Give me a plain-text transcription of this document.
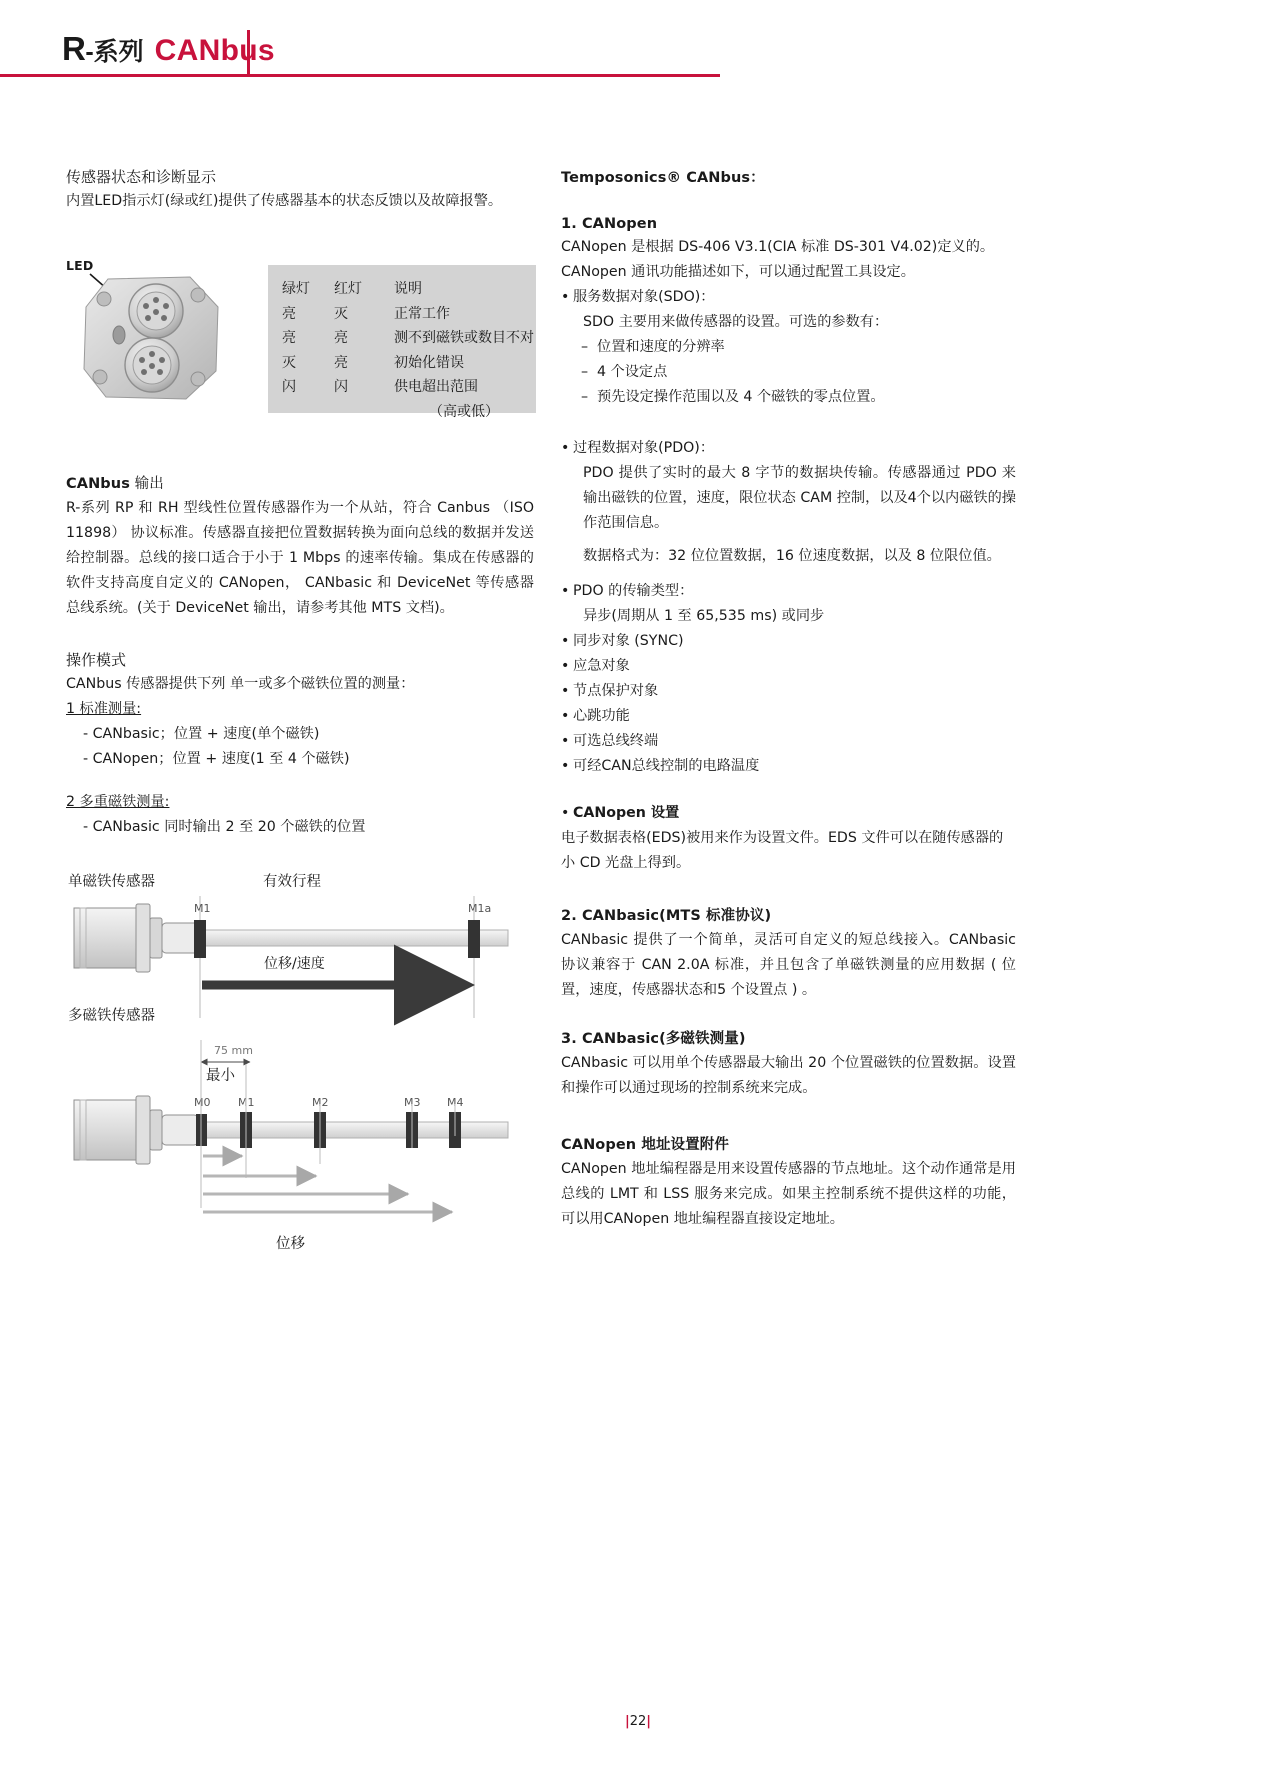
R -系列 CANbus
传感器状态和诊断显示

内置LED指示灯(绿或红)提供了传感器基本的状态反馈以及故障报警。

CANbus 输出

R-系列 RP 和 RH 型线性位置传感器作为一个从站，符合 Canbus （ISO 11898） 协议标准。传感器直接把位置数据转换为面向总线的数据并发送给控制器。总线的接口适合于小于 1 Mbps 的速率传输。集成在传感器的软件支持高度自定义的 CANopen， CANbasic 和 DeviceNet 等传感器总线系统。(关于 DeviceNet 输出，请参考其他 MTS 文档)。

操作模式

CANbus 传感器提供下列 单一或多个磁铁位置的测量：

1 标准测量:
- CANbasic；位置 + 速度(单个磁铁)
- CANopen；位置 + 速度(1 至 4 个磁铁)
2 多重磁铁测量:
- CANbasic 同时输出 2 至 20 个磁铁的位置
LED
绿灯	红灯	说明
亮	灭	正常工作
亮	亮	测不到磁铁或数目不对
灭	亮	初始化错误
闪	闪	供电超出范围
		（高或低）
单磁铁传感器	有效行程
M1	M1a
位移/速度
多磁铁传感器
75 mm
最小
M0	M1	M2	M3 M4
位移
Temposonics® CANbus：
1. CANopen

CANopen 是根据 DS-406 V3.1(CIA 标准 DS-301 V4.02)定义的。

CANopen 通讯功能描述如下，可以通过配置工具设定。

• 服务数据对象(SDO)：
SDO 主要用来做传感器的设置。可选的参数有：
– 位置和速度的分辨率
– 4 个设定点
– 预先设定操作范围以及 4 个磁铁的零点位置。
• 过程数据对象(PDO)：

PDO 提供了实时的最大 8 字节的数据块传输。传感器通过 PDO 来输出磁铁的位置，速度，限位状态 CAM 控制，以及4个以内磁铁的操作范围信息。

数据格式为：32 位位置数据，16 位速度数据，以及 8 位限位值。

• PDO 的传输类型：
异步(周期从 1 至 65,535 ms) 或同步
• 同步对象 (SYNC)
• 应急对象
• 节点保护对象
• 心跳功能
• 可选总线终端
• 可经CAN总线控制的电路温度
• CANopen 设置

电子数据表格(EDS)被用来作为设置文件。EDS 文件可以在随传感器的小 CD 光盘上得到。

2. CANbasic(MTS 标准协议)

CANbasic 提供了一个简单，灵活可自定义的短总线接入。CANbasic 协议兼容于 CAN 2.0A 标准，并且包含了单磁铁测量的应用数据 ( 位置，速度，传感器状态和5 个设置点 ) 。

3. CANbasic(多磁铁测量)

CANbasic 可以用单个传感器最大输出 20 个位置磁铁的位置数据。设置和操作可以通过现场的控制系统来完成。

CANopen 地址设置附件

CANopen 地址编程器是用来设置传感器的节点地址。这个动作通常是用总线的 LMT 和 LSS 服务来完成。如果主控制系统不提供这样的功能， 可以用CANopen 地址编程器直接设定地址。

|22|
